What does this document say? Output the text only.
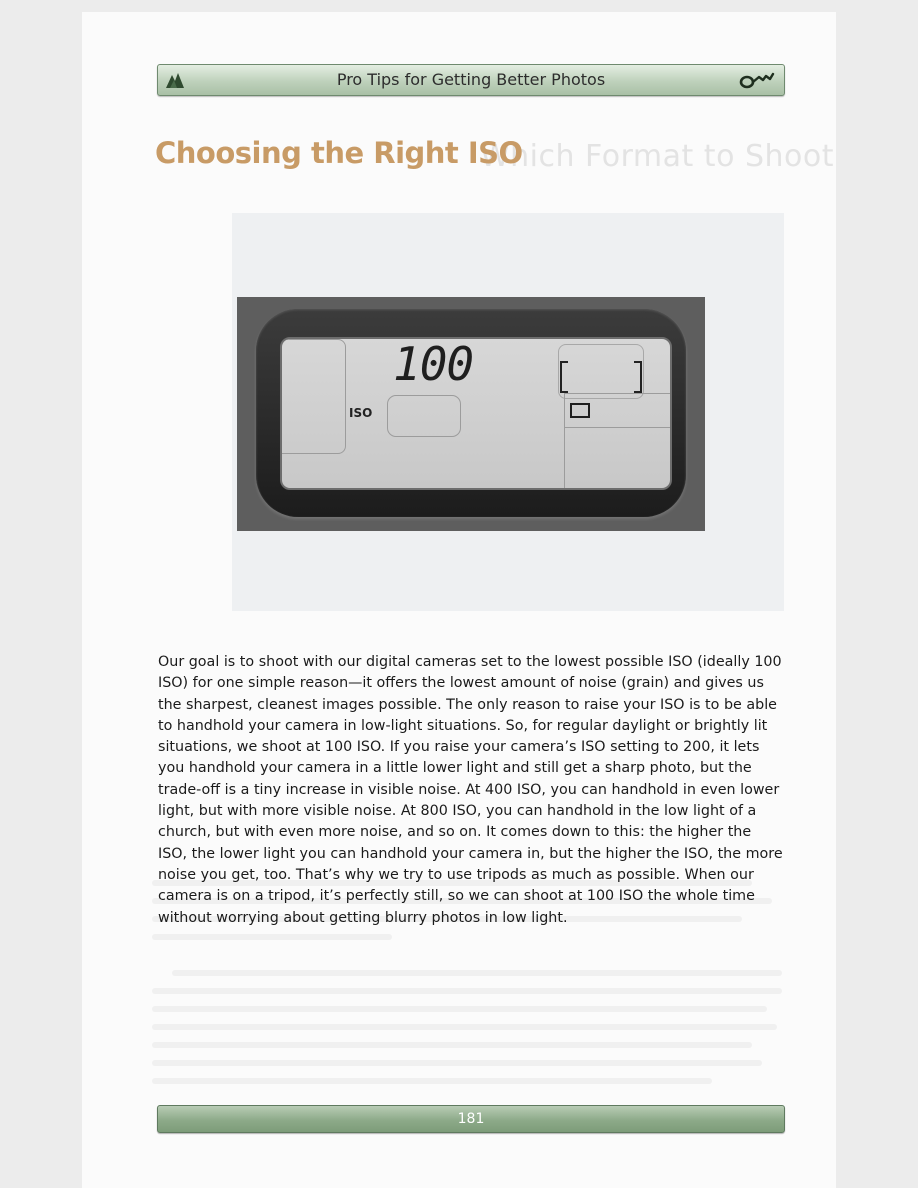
Pro Tips for Getting Better Photos
Which Format to Shoot
Choosing the Right ISO
100
ISO

Our goal is to shoot with our digital cameras set to the lowest possible ISO (ideally 100 ISO) for one simple reason—it offers the lowest amount of noise (grain) and gives us the sharpest, cleanest images possible. The only reason to raise your ISO is to be able to handhold your camera in low-light situations. So, for regular daylight or brightly lit situations, we shoot at 100 ISO. If you raise your camera’s ISO setting to 200, it lets you handhold your camera in a little lower light and still get a sharp photo, but the trade-off is a tiny increase in visible noise. At 400 ISO, you can handhold in even lower light, but with more visible noise. At 800 ISO, you can handhold in the low light of a church, but with even more noise, and so on. It comes down to this: the higher the ISO, the lower light you can handhold your camera in, but the higher the ISO, the more noise you get, too. That’s why we try to use tripods as much as possible. When our camera is on a tripod, it’s perfectly still, so we can shoot at 100 ISO the whole time without worrying about getting blurry photos in low light.

181
